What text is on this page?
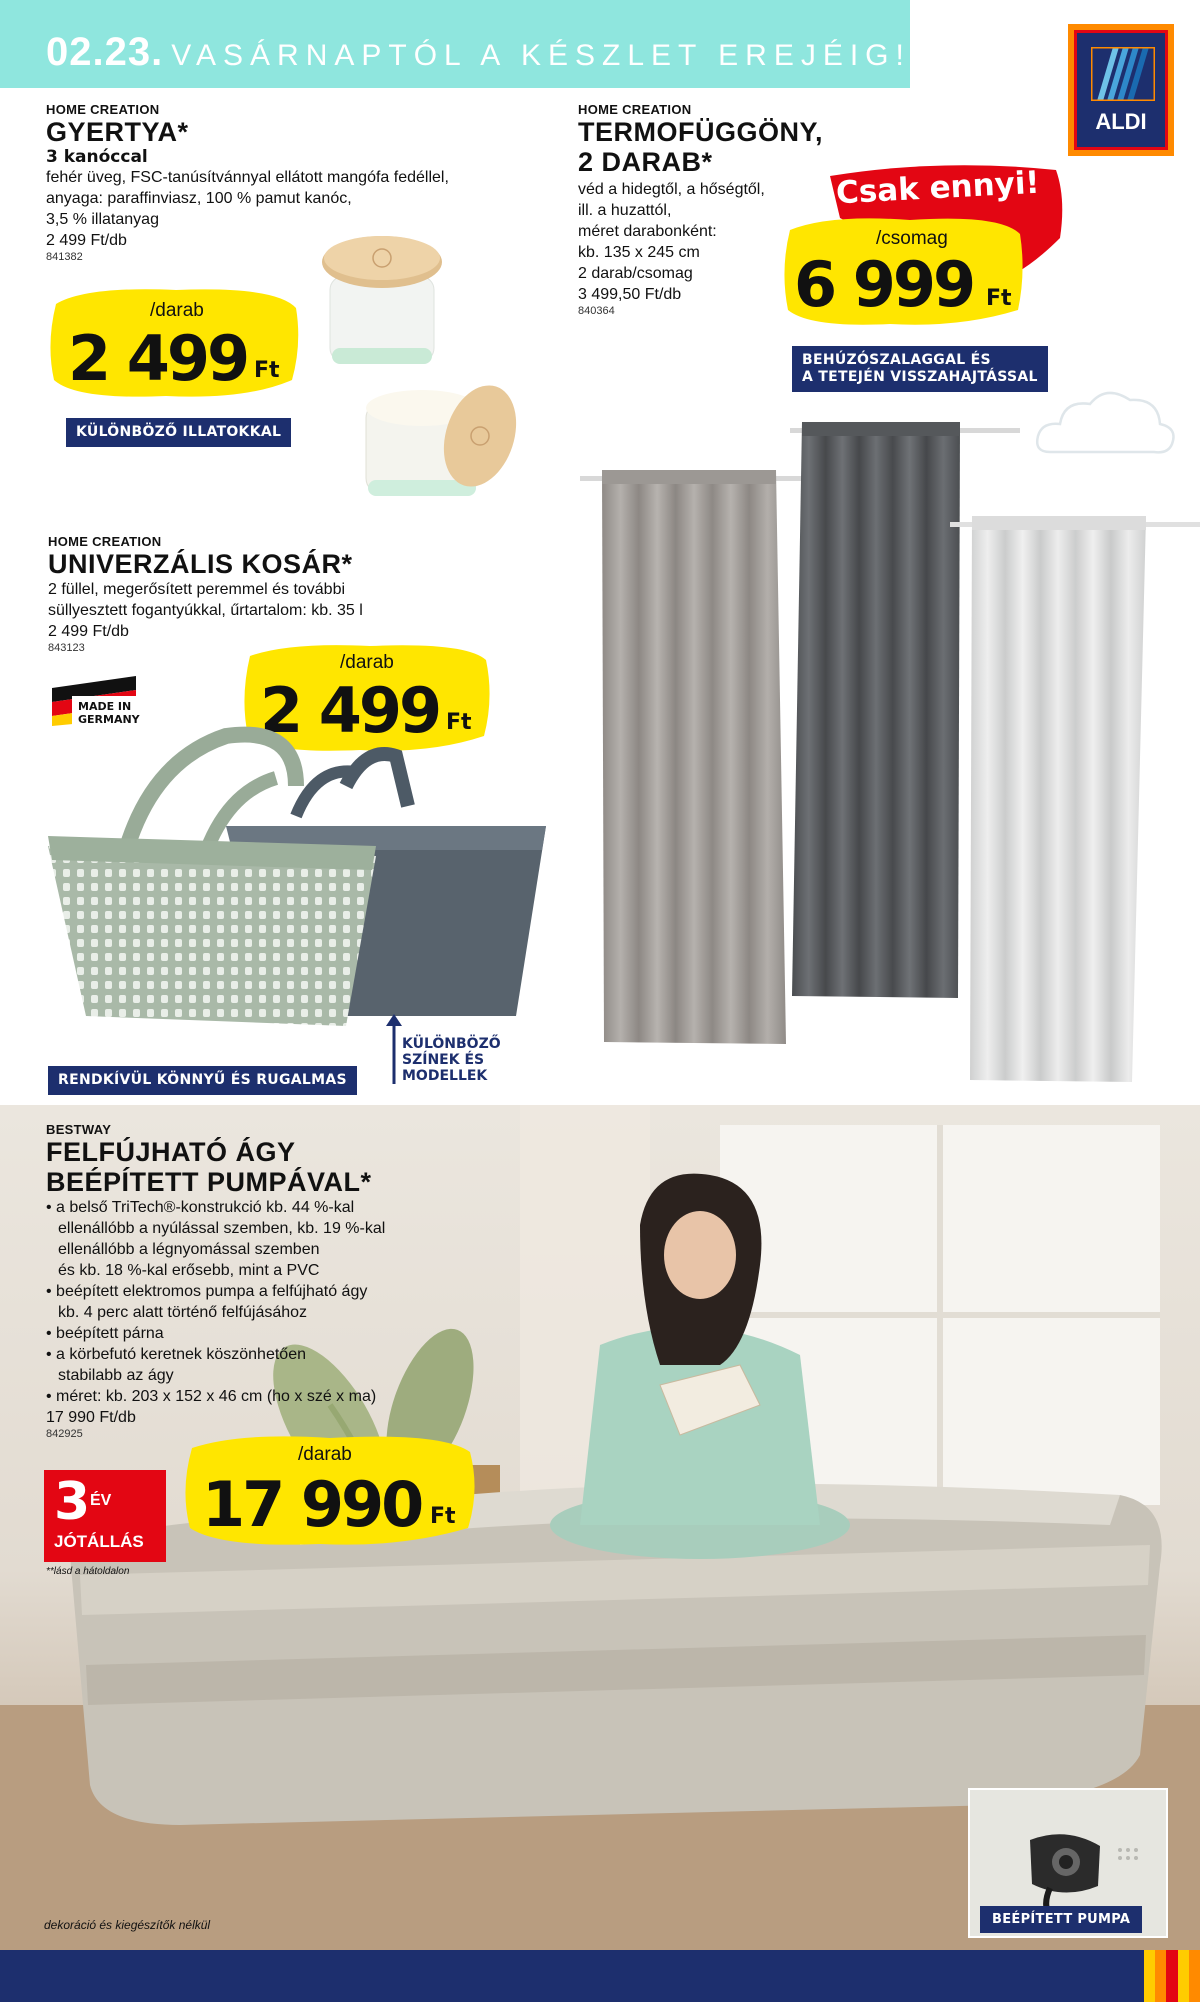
02.23. VASÁRNAPTÓL A KÉSZLET EREJÉIG!
ALDI
HOME CREATION
GYERTYA*
3 kanóccal
fehér üveg, FSC-tanúsítvánnyal ellátott mangófa fedéllel,
anyaga: paraffinviasz, 100 % pamut kanóc,
3,5 % illatanyag
2 499 Ft/db
841382
/darab
2 499 Ft
KÜLÖNBÖZŐ ILLATOKKAL
HOME CREATION
TERMOFÜGGÖNY,
2 DARAB*
véd a hidegtől, a hőségtől,
ill. a huzattól,
méret darabonként:
kb. 135 x 245 cm
2 darab/csomag
3 499,50 Ft/db
840364
Csak ennyi!
/csomag
6 999 Ft
BEHÚZÓSZALAGGAL ÉS
A TETEJÉN VISSZAHAJTÁSSAL
HOME CREATION
UNIVERZÁLIS KOSÁR*
2 füllel, megerősített peremmel és további
süllyesztett fogantyúkkal, űrtartalom: kb. 35 l
2 499 Ft/db
843123
MADE IN
GERMANY
/darab
2 499 Ft
RENDKÍVÜL KÖNNYŰ ÉS RUGALMAS
KÜLÖNBÖZŐ
SZÍNEK ÉS
MODELLEK
BESTWAY
FELFÚJHATÓ ÁGY
BEÉPÍTETT PUMPÁVAL*
• a belső TriTech®-konstrukció kb. 44 %-kal
ellenállóbb a nyúlással szemben, kb. 19 %-kal
ellenállóbb a légnyomással szemben
és kb. 18 %-kal erősebb, mint a PVC
• beépített elektromos pumpa a felfújható ágy
kb. 4 perc alatt történő felfújásához
• beépített párna
• a körbefutó keretnek köszönhetően
stabilabb az ágy
• méret: kb. 203 x 152 x 46 cm (ho x szé x ma)
17 990 Ft/db
842925
3 ÉV
JÓTÁLLÁS
**lásd a hátoldalon
/darab
17 990 Ft
BEÉPÍTETT PUMPA
dekoráció és kiegészítők nélkül
